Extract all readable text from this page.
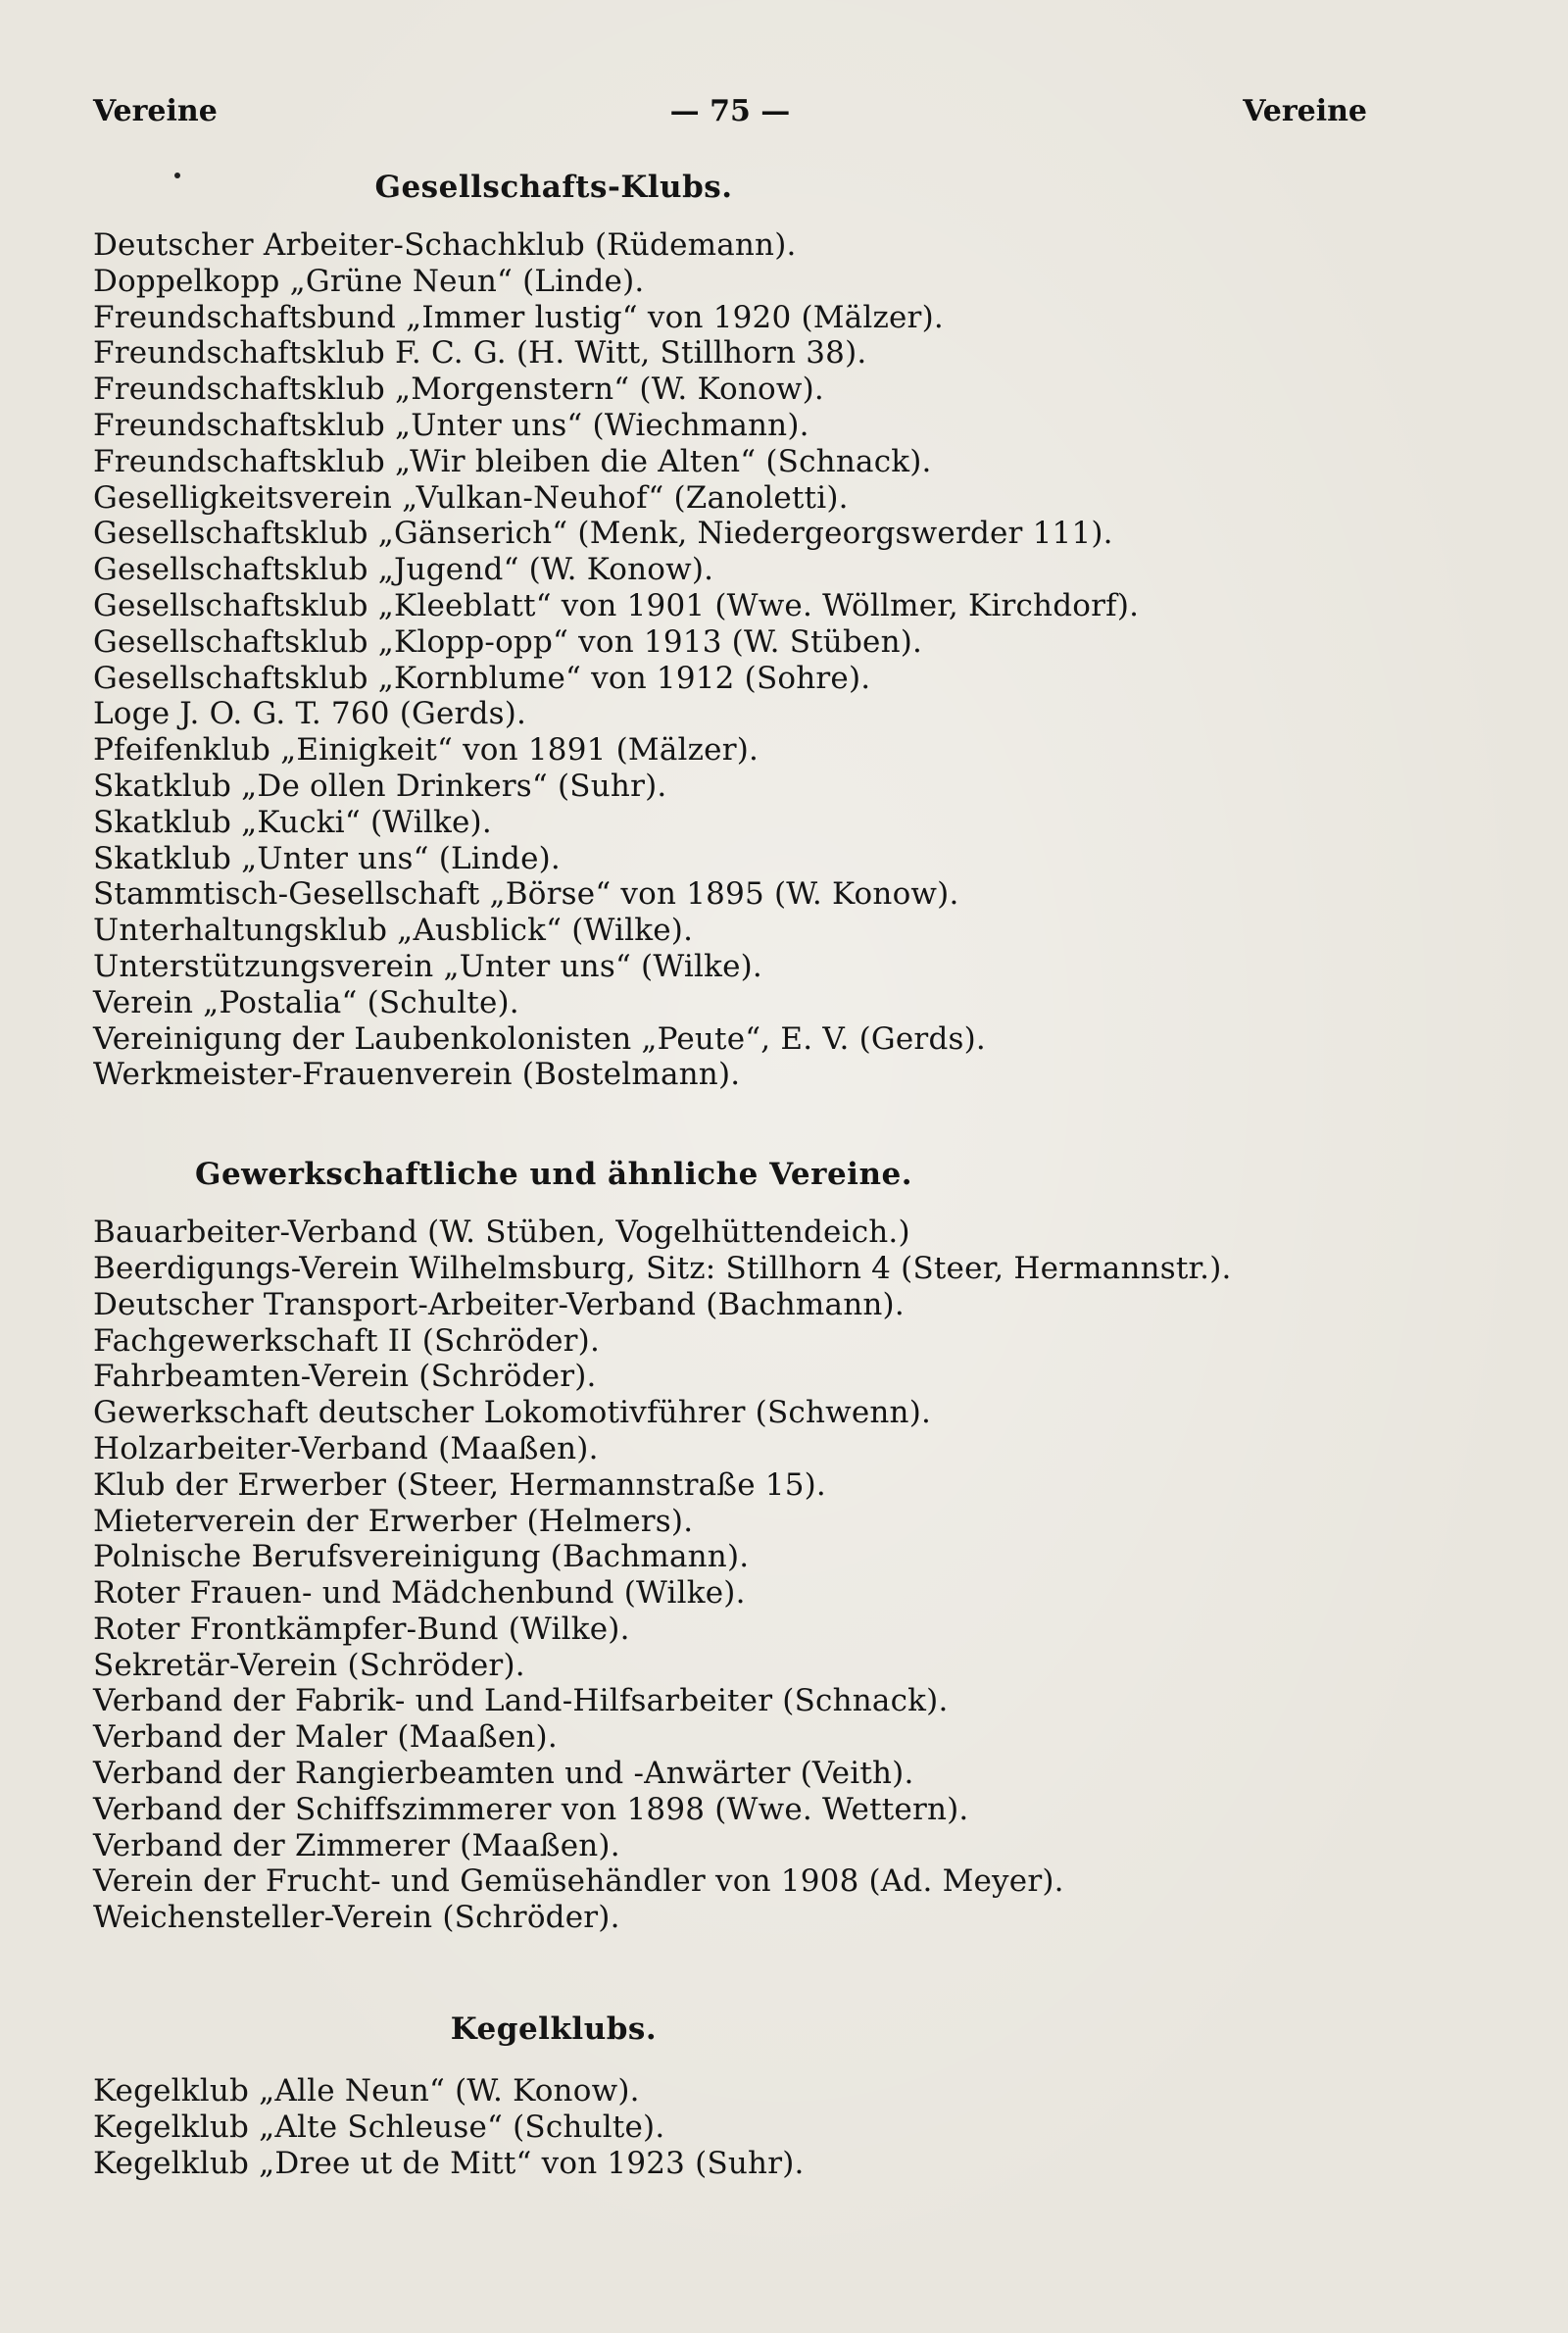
Vereine	— 75 —	Vereine
Gesellschafts-Klubs.
Deutscher Arbeiter-Schachklub (Rüdemann).
Doppelkopp „Grüne Neun“ (Linde).
Freundschaftsbund „Immer lustig“ von 1920 (Mälzer).
Freundschaftsklub F. C. G. (H. Witt, Stillhorn 38).
Freundschaftsklub „Morgenstern“ (W. Konow).
Freundschaftsklub „Unter uns“ (Wiechmann).
Freundschaftsklub „Wir bleiben die Alten“ (Schnack).
Geselligkeitsverein „Vulkan-Neuhof“ (Zanoletti).
Gesellschaftsklub „Gänserich“ (Menk, Niedergeorgswerder 111).
Gesellschaftsklub „Jugend“ (W. Konow).
Gesellschaftsklub „Kleeblatt“ von 1901 (Wwe. Wöllmer, Kirchdorf).
Gesellschaftsklub „Klopp-opp“ von 1913 (W. Stüben).
Gesellschaftsklub „Kornblume“ von 1912 (Sohre).
Loge J. O. G. T. 760 (Gerds).
Pfeifenklub „Einigkeit“ von 1891 (Mälzer).
Skatklub „De ollen Drinkers“ (Suhr).
Skatklub „Kucki“ (Wilke).
Skatklub „Unter uns“ (Linde).
Stammtisch-Gesellschaft „Börse“ von 1895 (W. Konow).
Unterhaltungsklub „Ausblick“ (Wilke).
Unterstützungsverein „Unter uns“ (Wilke).
Verein „Postalia“ (Schulte).
Vereinigung der Laubenkolonisten „Peute“, E. V. (Gerds).
Werkmeister-Frauenverein (Bostelmann).
Gewerkschaftliche und ähnliche Vereine.
Bauarbeiter-Verband (W. Stüben, Vogelhüttendeich.)
Beerdigungs-Verein Wilhelmsburg, Sitz: Stillhorn 4 (Steer, Hermannstr.).
Deutscher Transport-Arbeiter-Verband (Bachmann).
Fachgewerkschaft II (Schröder).
Fahrbeamten-Verein (Schröder).
Gewerkschaft deutscher Lokomotivführer (Schwenn).
Holzarbeiter-Verband (Maaßen).
Klub der Erwerber (Steer, Hermannstraße 15).
Mieterverein der Erwerber (Helmers).
Polnische Berufsvereinigung (Bachmann).
Roter Frauen- und Mädchenbund (Wilke).
Roter Frontkämpfer-Bund (Wilke).
Sekretär-Verein (Schröder).
Verband der Fabrik- und Land-Hilfsarbeiter (Schnack).
Verband der Maler (Maaßen).
Verband der Rangierbeamten und -Anwärter (Veith).
Verband der Schiffszimmerer von 1898 (Wwe. Wettern).
Verband der Zimmerer (Maaßen).
Verein der Frucht- und Gemüsehändler von 1908 (Ad. Meyer).
Weichensteller-Verein (Schröder).
Kegelklubs.
Kegelklub „Alle Neun“ (W. Konow).
Kegelklub „Alte Schleuse“ (Schulte).
Kegelklub „Dree ut de Mitt“ von 1923 (Suhr).
